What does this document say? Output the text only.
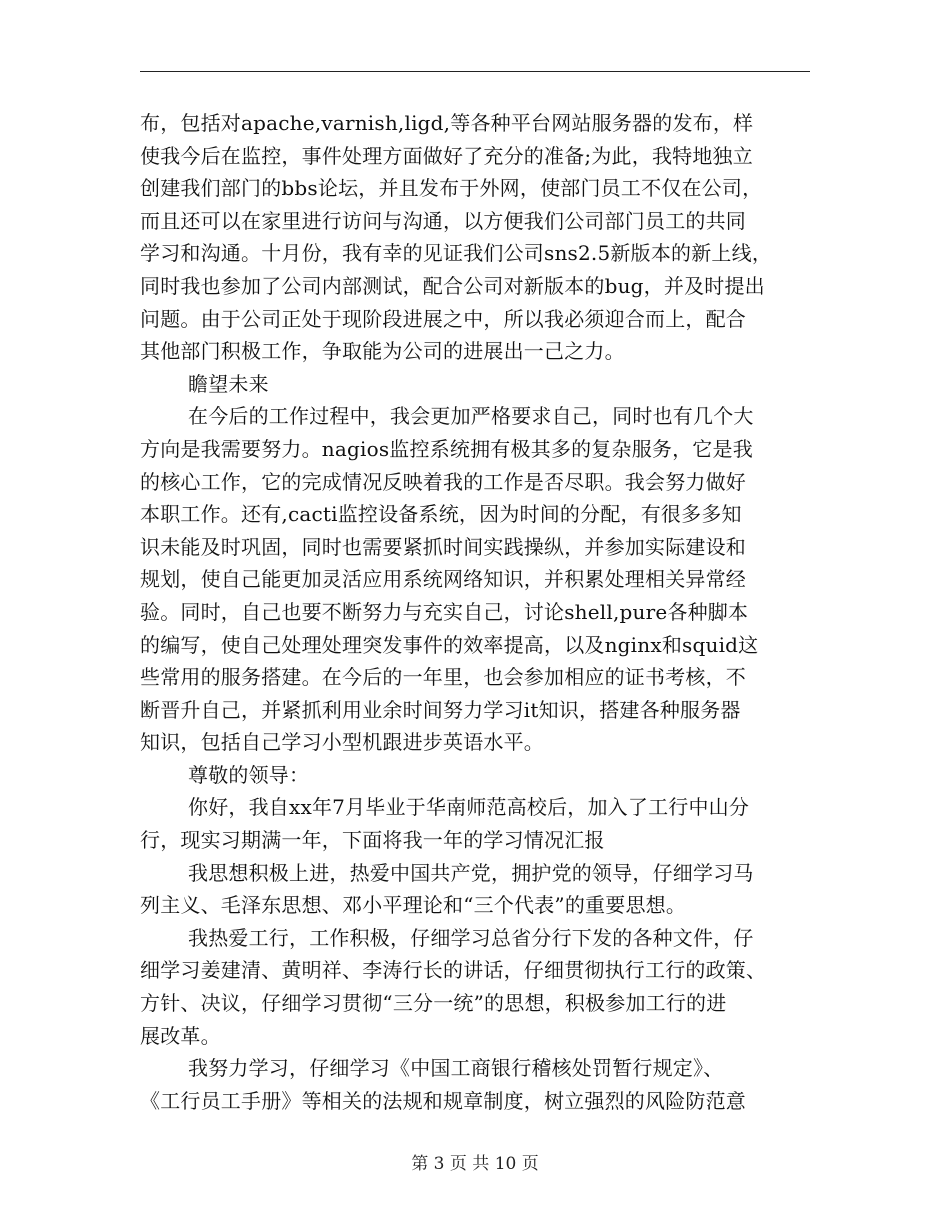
布，包括对apache,varnish,ligd,等各种平台网站服务器的发布，样
使我今后在监控，事件处理方面做好了充分的准备;为此，我特地独立
创建我们部门的bbs论坛，并且发布于外网，使部门员工不仅在公司，
而且还可以在家里进行访问与沟通，以方便我们公司部门员工的共同
学习和沟通。十月份，我有幸的见证我们公司sns2.5新版本的新上线，
同时我也参加了公司内部测试，配合公司对新版本的bug，并及时提出
问题。由于公司正处于现阶段进展之中，所以我必须迎合而上，配合
其他部门积极工作，争取能为公司的进展出一己之力。
瞻望未来
在今后的工作过程中，我会更加严格要求自己，同时也有几个大
方向是我需要努力。nagios监控系统拥有极其多的复杂服务，它是我
的核心工作，它的完成情况反映着我的工作是否尽职。我会努力做好
本职工作。还有,cacti监控设备系统，因为时间的分配，有很多多知
识未能及时巩固，同时也需要紧抓时间实践操纵，并参加实际建设和
规划，使自己能更加灵活应用系统网络知识，并积累处理相关异常经
验。同时，自己也要不断努力与充实自己，讨论shell,pure各种脚本
的编写，使自己处理处理突发事件的效率提高，以及nginx和squid这
些常用的服务搭建。在今后的一年里，也会参加相应的证书考核，不
断晋升自己，并紧抓利用业余时间努力学习it知识，搭建各种服务器
知识，包括自己学习小型机跟进步英语水平。
尊敬的领导：
你好，我自xx年7月毕业于华南师范高校后，加入了工行中山分
行，现实习期满一年，下面将我一年的学习情况汇报
我思想积极上进，热爱中国共产党，拥护党的领导，仔细学习马
列主义、毛泽东思想、邓小平理论和“三个代表”的重要思想。
我热爱工行，工作积极，仔细学习总省分行下发的各种文件，仔
细学习姜建清、黄明祥、李涛行长的讲话，仔细贯彻执行工行的政策、
方针、决议，仔细学习贯彻“三分一统”的思想，积极参加工行的进
展改革。
我努力学习，仔细学习《中国工商银行稽核处罚暂行规定》、
《工行员工手册》等相关的法规和规章制度，树立强烈的风险防范意
第 3 页 共 10 页
